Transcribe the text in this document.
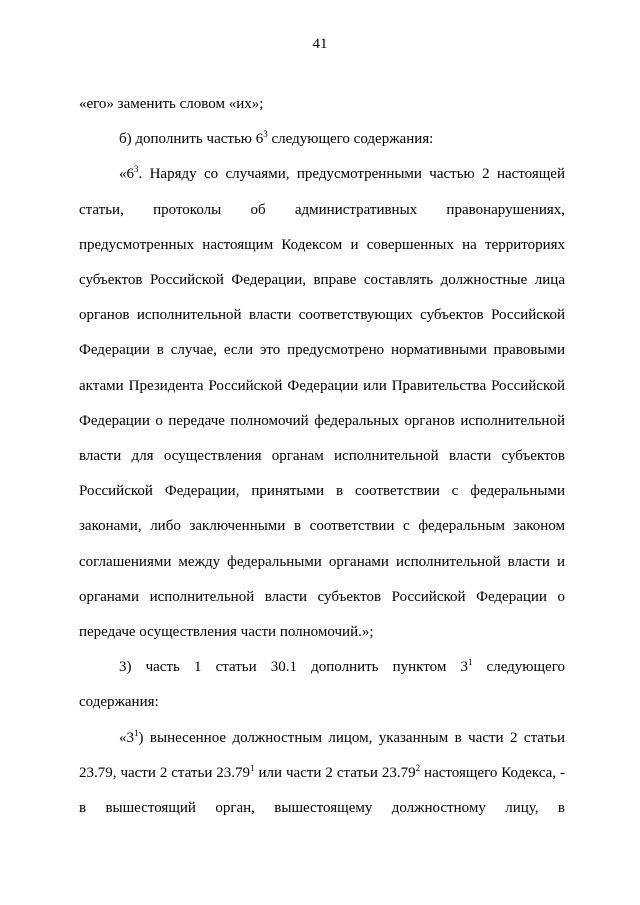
41

«его» заменить словом «их»;

б) дополнить частью $6^3$ следующего содержания:

«$6^3$. Наряду со случаями, предусмотренными частью 2 настоящей статьи, протоколы об административных правонарушениях, предусмотренных настоящим Кодексом и совершенных на территориях субъектов Российской Федерации, вправе составлять должностные лица органов исполнительной власти соответствующих субъектов Российской Федерации в случае, если это предусмотрено нормативными правовыми актами Президента Российской Федерации или Правительства Российской Федерации о передаче полномочий федеральных органов исполнительной власти для осуществления органам исполнительной власти субъектов Российской Федерации, принятыми в соответствии с федеральными законами, либо заключенными в соответствии с федеральным законом соглашениями между федеральными органами исполнительной власти и органами исполнительной власти субъектов Российской Федерации о передаче осуществления части полномочий.»;

3) часть 1 статьи 30.1 дополнить пунктом $3^1$ следующего содержания:

«$3^1$) вынесенное должностным лицом, указанным в части 2 статьи 23.79, части 2 статьи 23.79$^1$ или части 2 статьи 23.79$^2$ настоящего Кодекса, - в вышестоящий орган, вышестоящему должностному лицу, в
